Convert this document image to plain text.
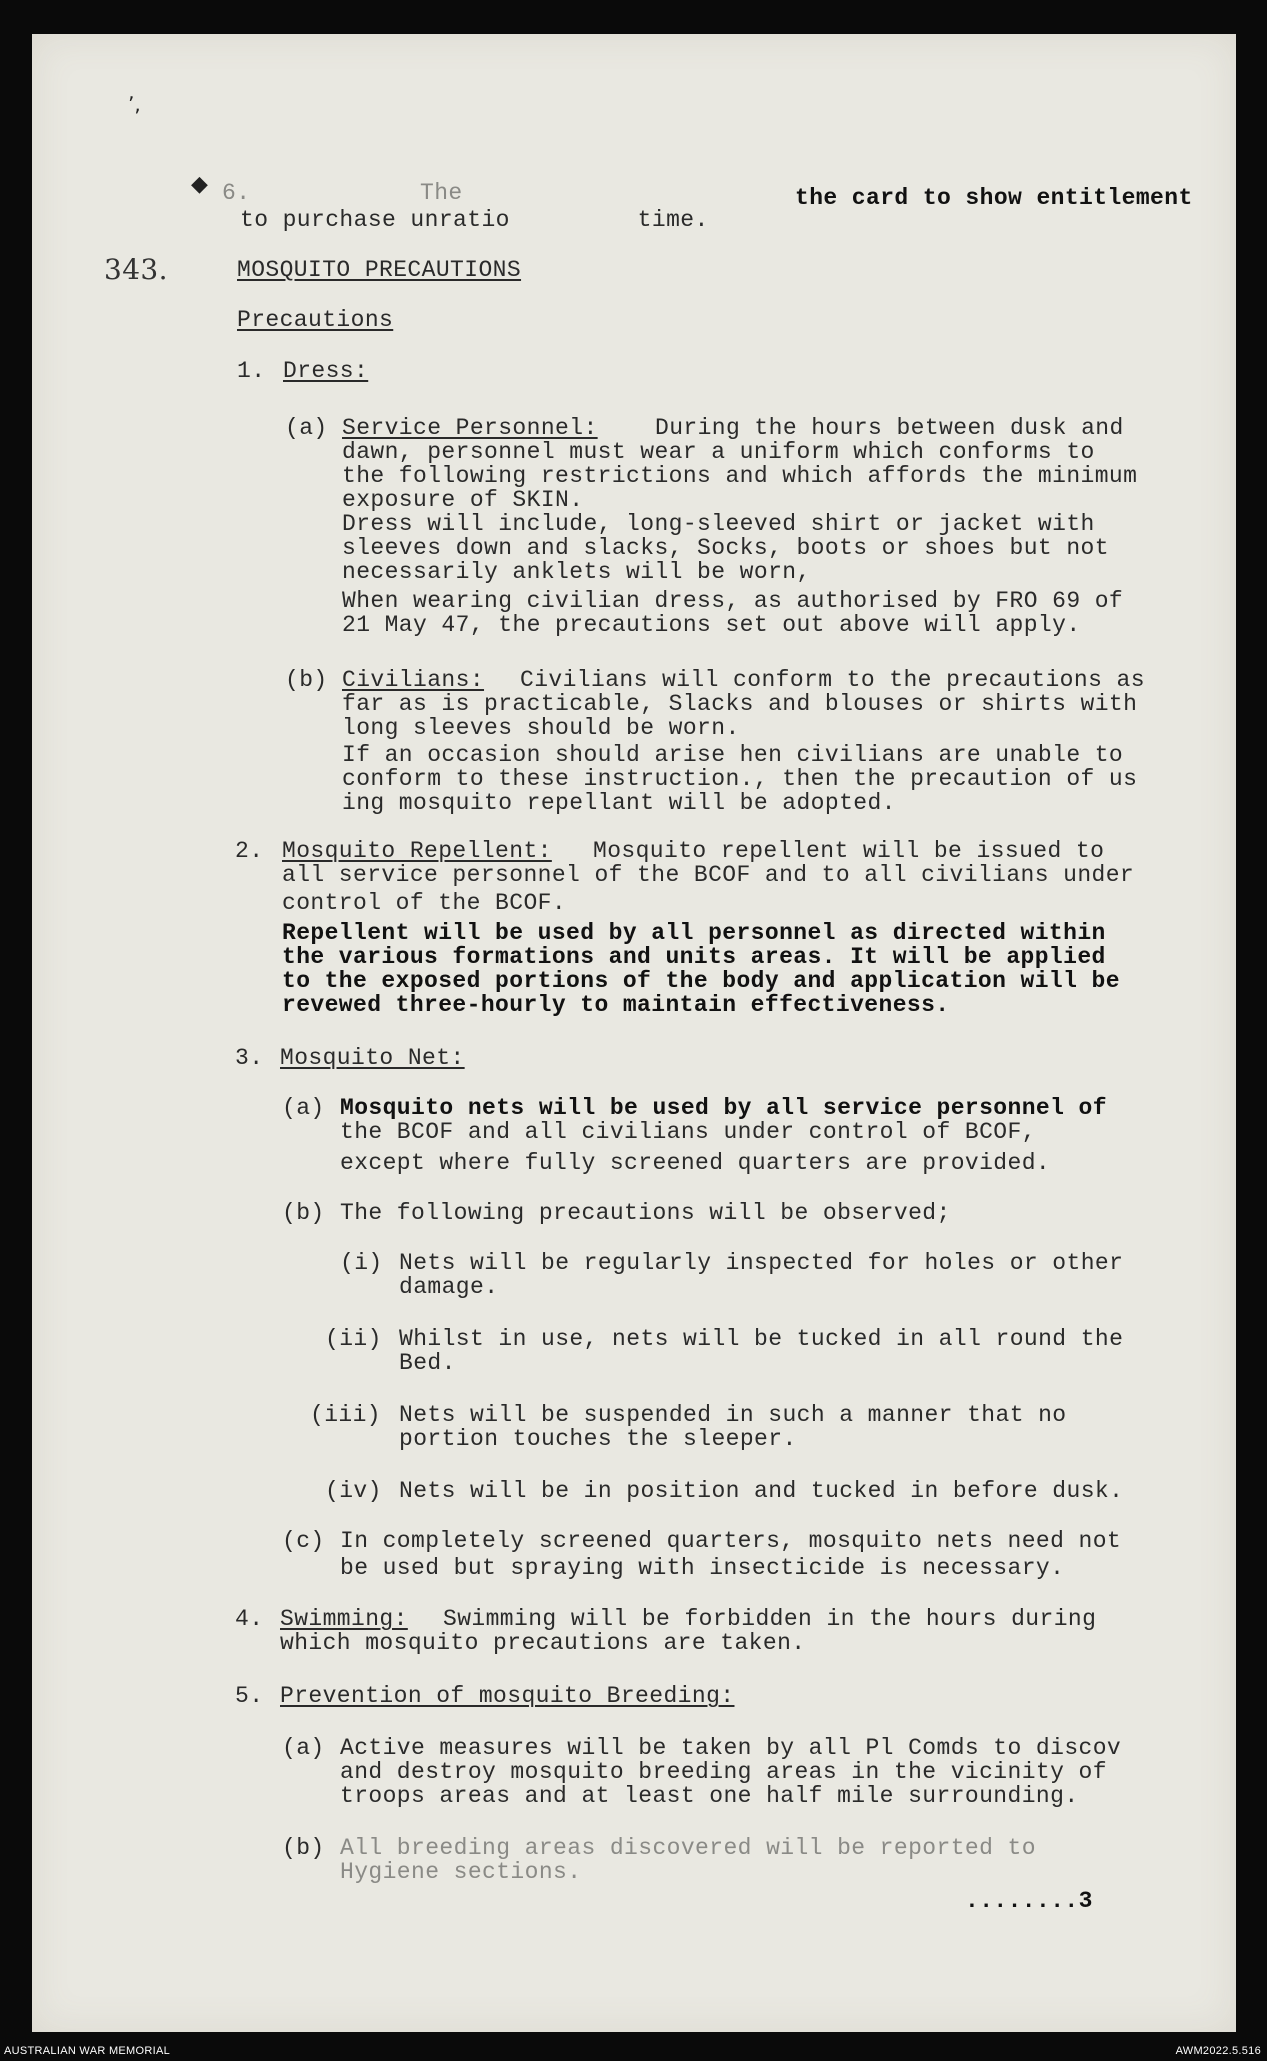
ʼ,
◆ 6.	The	the card to show entitlement
to purchase unratio         time.
343.	MOSQUITO PRECAUTIONS
Precautions
1. Dress:
(a) Service Personnel: During the hours between dusk and
dawn, personnel must wear a uniform which conforms to
the following restrictions and which affords the minimum
exposure of SKIN.
Dress will include, long-sleeved shirt or jacket with
sleeves down and slacks, Socks, boots or shoes but not
necessarily anklets will be worn,
When wearing civilian dress, as authorised by FRO 69 of
21 May 47, the precautions set out above will apply.
(b) Civilians: Civilians will conform to the precautions as
far as is practicable, Slacks and blouses or shirts with
long sleeves should be worn.
If an occasion should arise hen civilians are unable to
conform to these instruction., then the precaution of us
ing mosquito repellant will be adopted.
2. Mosquito Repellent: Mosquito repellent will be issued to
all service personnel of the BCOF and to all civilians under
control of the BCOF.
Repellent will be used by all personnel as directed within
the various formations and units areas. It will be applied
to the exposed portions of the body and application will be
revewed three-hourly to maintain effectiveness.
3. Mosquito Net:
(a) Mosquito nets will be used by all service personnel of
the BCOF and all civilians under control of BCOF,
except where fully screened quarters are provided.
(b) The following precautions will be observed;
(i) Nets will be regularly inspected for holes or other
damage.
(ii) Whilst in use, nets will be tucked in all round the
Bed.
(iii) Nets will be suspended in such a manner that no
portion touches the sleeper.
(iv) Nets will be in position and tucked in before dusk.
(c) In completely screened quarters, mosquito nets need not
be used but spraying with insecticide is necessary.
4. Swimming: Swimming will be forbidden in the hours during
which mosquito precautions are taken.
5. Prevention of mosquito Breeding:
(a) Active measures will be taken by all Pl Comds to discov
and destroy mosquito breeding areas in the vicinity of
troops areas and at least one half mile surrounding.
(b) All breeding areas discovered will be reported to
Hygiene sections.
........3
AUSTRALIAN WAR MEMORIAL	AWM2022.5.516
